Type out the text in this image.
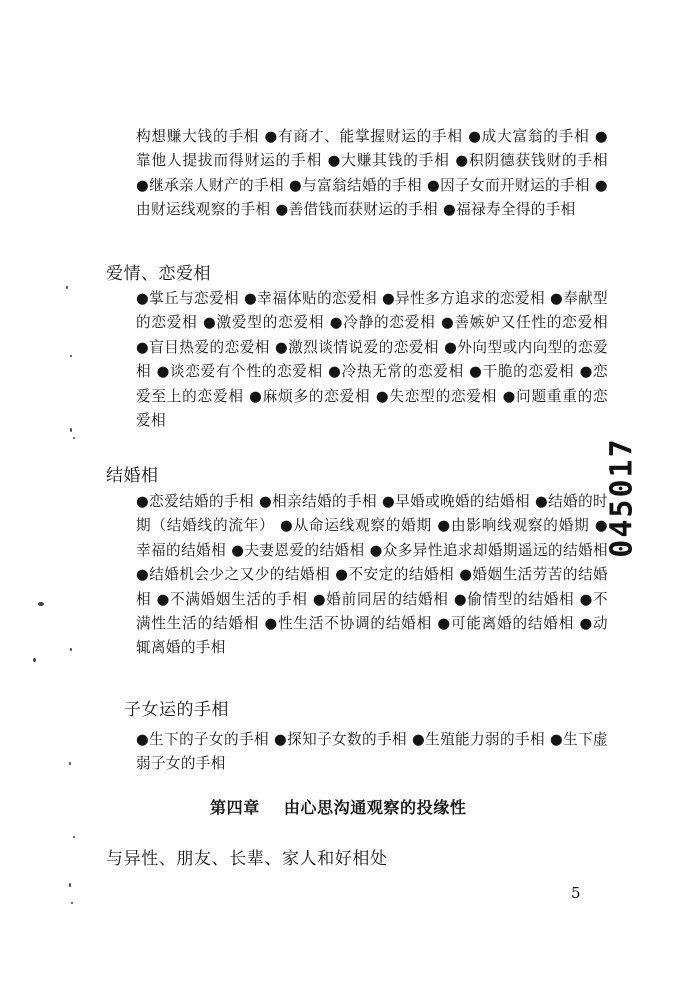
构想赚大钱的手相 ●有商才、能掌握财运的手相 ●成大富翁的手相 ●靠他人提拔而得财运的手相 ●大赚其钱的手相 ●积阴德获钱财的手相 ●继承亲人财产的手相 ●与富翁结婚的手相 ●因子女而开财运的手相 ●由财运线观察的手相 ●善借钱而获财运的手相 ●福禄寿全得的手相
爱情、恋爱相
●掌丘与恋爱相 ●幸福体贴的恋爱相 ●异性多方追求的恋爱相 ●奉献型的恋爱相 ●激爱型的恋爱相 ●冷静的恋爱相 ●善嫉妒又任性的恋爱相 ●盲目热爱的恋爱相 ●激烈谈情说爱的恋爱相 ●外向型或内向型的恋爱相 ●谈恋爱有个性的恋爱相 ●冷热无常的恋爱相 ●干脆的恋爱相 ●恋爱至上的恋爱相 ●麻烦多的恋爱相 ●失恋型的恋爱相 ●问题重重的恋爱相
结婚相
●恋爱结婚的手相 ●相亲结婚的手相 ●早婚或晚婚的结婚相 ●结婚的时期（结婚线的流年） ●从命运线观察的婚期 ●由影响线观察的婚期 ●幸福的结婚相 ●夫妻恩爱的结婚相 ●众多异性追求却婚期遥远的结婚相 ●结婚机会少之又少的结婚相 ●不安定的结婚相 ●婚姻生活劳苦的结婚相 ●不满婚姻生活的手相 ●婚前同居的结婚相 ●偷情型的结婚相 ●不满性生活的结婚相 ●性生活不协调的结婚相 ●可能离婚的结婚相 ●动辄离婚的手相
子女运的手相
●生下的子女的手相 ●探知子女数的手相 ●生殖能力弱的手相 ●生下虚弱子女的手相
第四章 由心思沟通观察的投缘性
与异性、朋友、长辈、家人和好相处
045017
5
